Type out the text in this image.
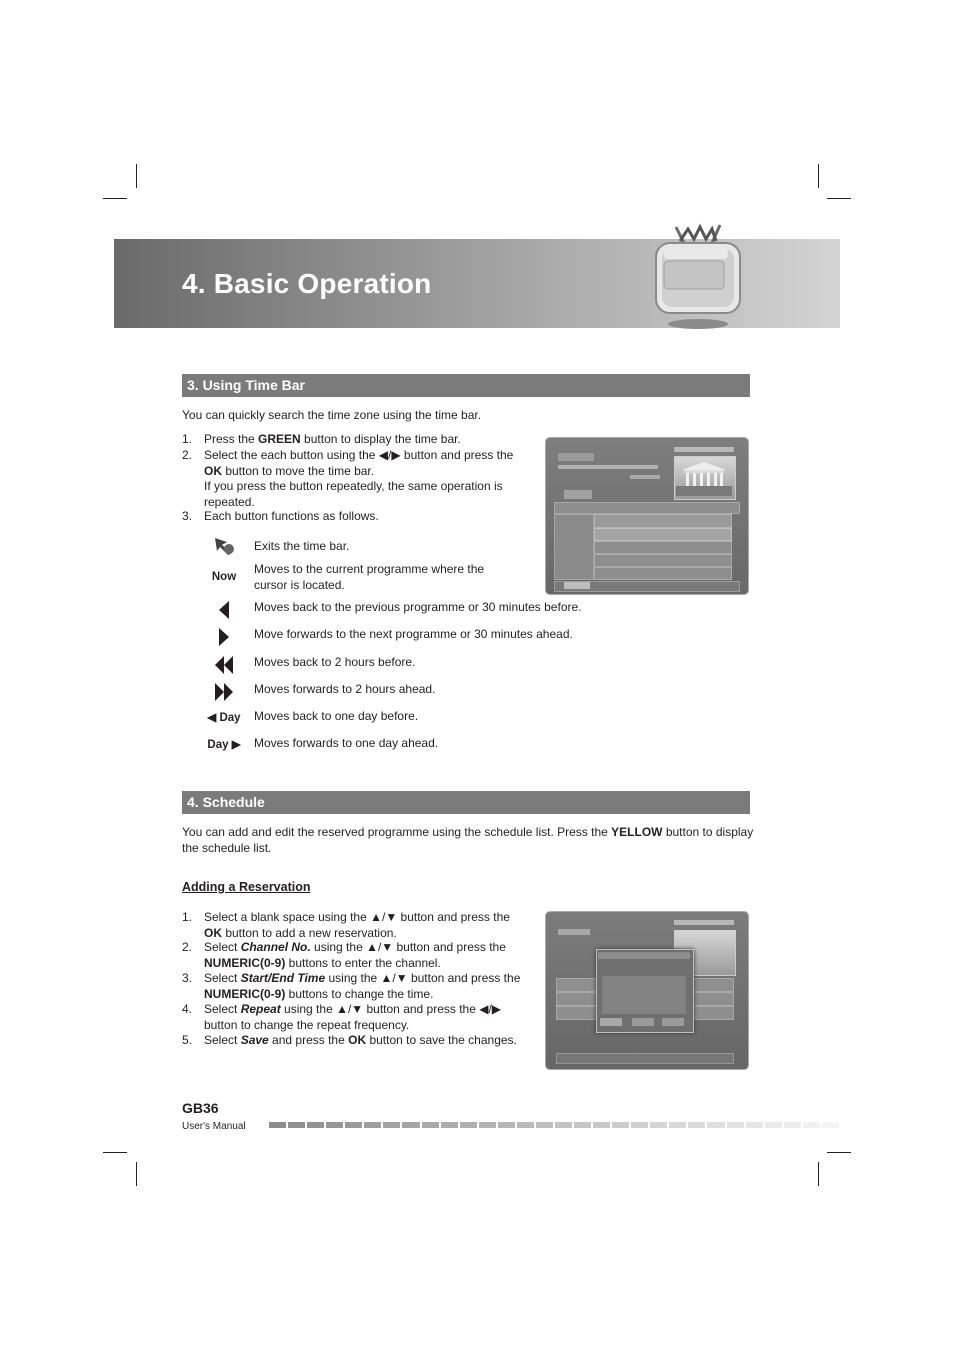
4. Basic Operation
3. Using Time Bar
You can quickly search the time zone using the time bar.
1. Press the GREEN button to display the time bar.
2. Select the each button using the ◀/▶ button and press the
OK button to move the time bar.
If you press the button repeatedly, the same operation is
repeated.
3. Each button functions as follows.
Exits the time bar.
Now
Moves to the current programme where the
cursor is located.
Moves back to the previous programme or 30 minutes before.
Move forwards to the next programme or 30 minutes ahead.
Moves back to 2 hours before.
Moves forwards to 2 hours ahead.
◀ Day Moves back to one day before.
Day ▶ Moves forwards to one day ahead.
4. Schedule
You can add and edit the reserved programme using the schedule list. Press the YELLOW button to display
the schedule list.
Adding a Reservation
1. Select a blank space using the ▲/▼ button and press the
OK button to add a new reservation.
2. Select Channel No. using the ▲/▼ button and press the
NUMERIC(0-9) buttons to enter the channel.
3. Select Start/End Time using the ▲/▼ button and press the
NUMERIC(0-9) buttons to change the time.
4. Select Repeat using the ▲/▼ button and press the ◀/▶
button to change the repeat frequency.
5. Select Save and press the OK button to save the changes.
GB36
User's Manual
